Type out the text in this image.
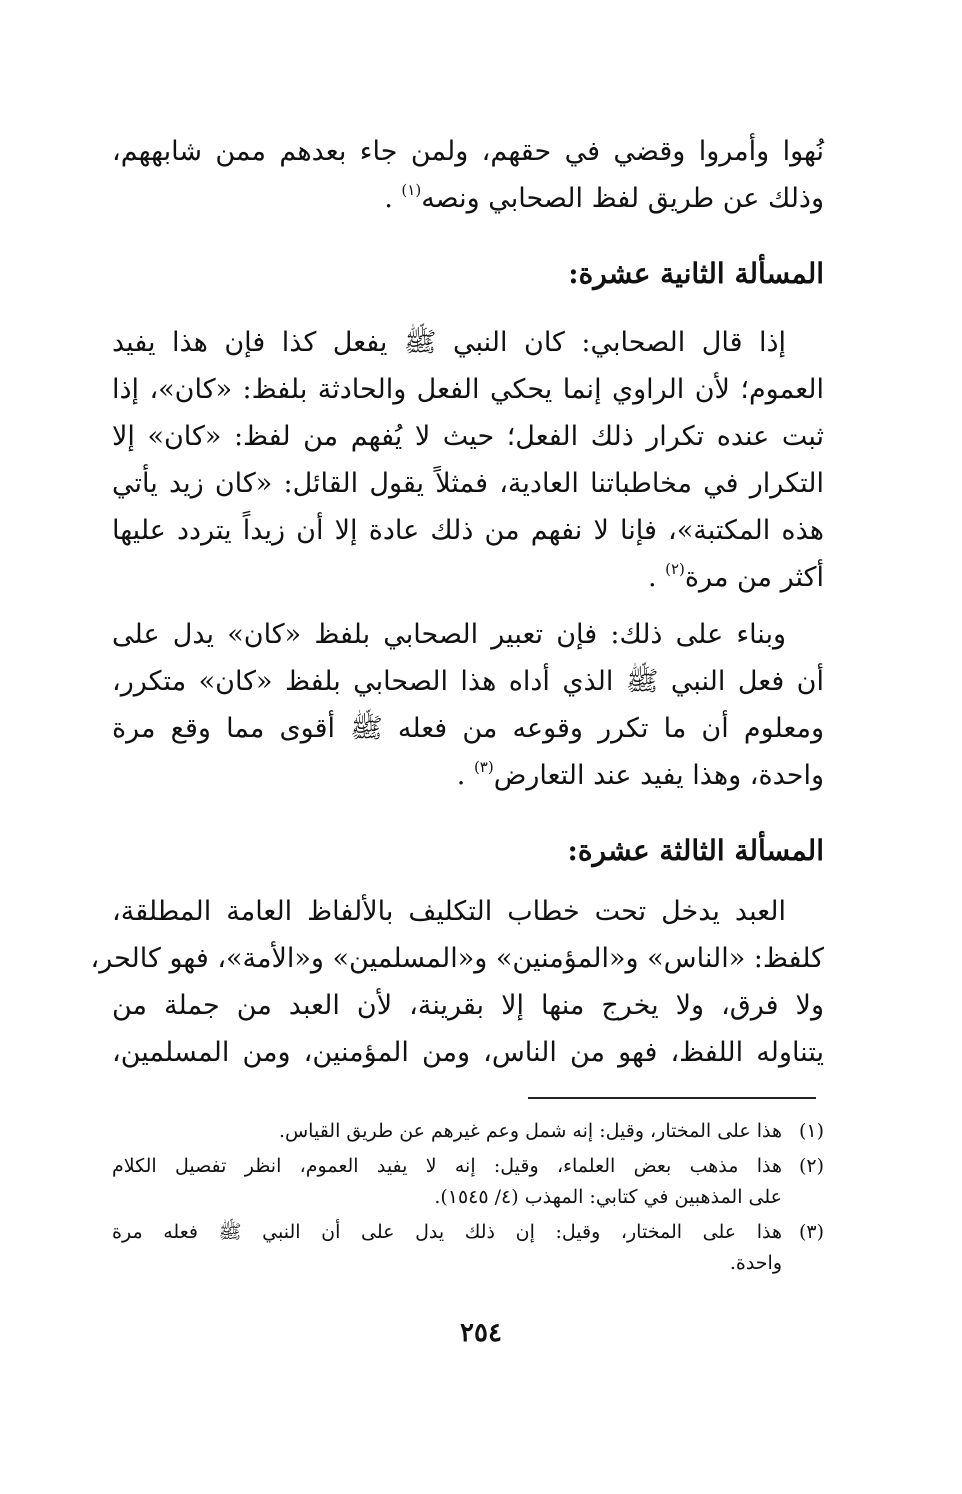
نُهوا وأمروا وقضي في حقهم، ولمن جاء بعدهم ممن شابههم،
وذلك عن طريق لفظ الصحابي ونصه$^{(١)}$ .
المسألة الثانية عشرة:
إذا قال الصحابي: كان النبي ﷺ يفعل كذا فإن هذا يفيد
العموم؛ لأن الراوي إنما يحكي الفعل والحادثة بلفظ: «كان»، إذا
ثبت عنده تكرار ذلك الفعل؛ حيث لا يُفهم من لفظ: «كان» إلا
التكرار في مخاطباتنا العادية، فمثلاً يقول القائل: «كان زيد يأتي
هذه المكتبة»، فإنا لا نفهم من ذلك عادة إلا أن زيداً يتردد عليها
أكثر من مرة$^{(٢)}$ .
وبناء على ذلك: فإن تعبير الصحابي بلفظ «كان» يدل على
أن فعل النبي ﷺ الذي أداه هذا الصحابي بلفظ «كان» متكرر،
ومعلوم أن ما تكرر وقوعه من فعله ﷺ أقوى مما وقع مرة
واحدة، وهذا يفيد عند التعارض$^{(٣)}$ .
المسألة الثالثة عشرة:
العبد يدخل تحت خطاب التكليف بالألفاظ العامة المطلقة،
كلفظ: «الناس» و«المؤمنين» و«المسلمين» و«الأمة»، فهو كالحر،
ولا فرق، ولا يخرج منها إلا بقرينة، لأن العبد من جملة من
يتناوله اللفظ، فهو من الناس، ومن المؤمنين، ومن المسلمين،
(١)
هذا على المختار، وقيل: إنه شمل وعم غيرهم عن طريق القياس.
(٢)
هذا مذهب بعض العلماء، وقيل: إنه لا يفيد العموم، انظر تفصيل الكلام
على المذهبين في كتابي: المهذب (٤/ ١٥٤٥).
(٣)
هذا على المختار، وقيل: إن ذلك يدل على أن النبي ﷺ فعله مرة
واحدة.
٢٥٤
